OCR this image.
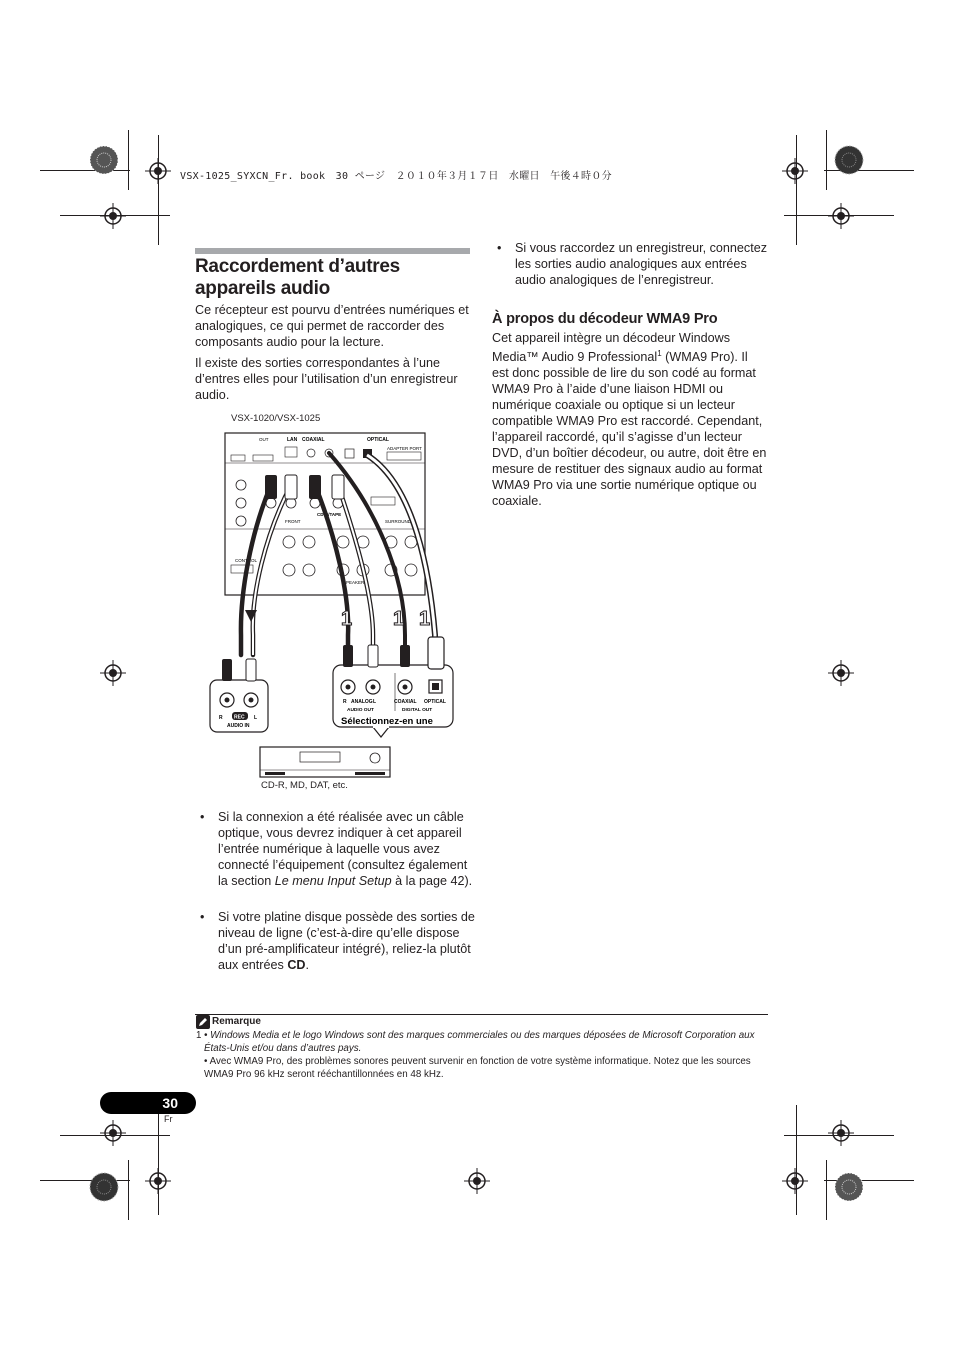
VSX-1025_SYXCN_Fr. book　30 ページ　２０１０年３月１７日　水曜日　午後４時０分
Raccordement d’autres
appareils audio

Ce récepteur est pourvu d’entrées numériques et analogiques, ce qui permet de raccorder des composants audio pour la lecture.

Il existe des sorties correspondantes à l’une d’entres elles pour l’utilisation d’un enregistreur audio.

VSX-1020/VSX-1025
OUT	LAN COAXIAL	OPTICAL
ADAPTER PORT
CD-R/TAPE
CONTROL
FRONT	SURROUND
SPEAKERS
1 1 1
R REC L
AUDIO IN
R ANALOG L
AUDIO OUT
COAXIAL OPTICAL
DIGITAL OUT
Sélectionnez-en une
CD-R, MD, DAT, etc.
• Si la connexion a été réalisée avec un câble optique, vous devrez indiquer à cet appareil l’entrée numérique à laquelle vous avez connecté l’équipement (consultez également la section Le menu Input Setup à la page 42).
• Si votre platine disque possède des sorties de niveau de ligne (c’est-à-dire qu’elle dispose d’un pré-amplificateur intégré), reliez-la plutôt aux entrées CD.
• Si vous raccordez un enregistreur, connectez les sorties audio analogiques aux entrées audio analogiques de l’enregistreur.
À propos du décodeur WMA9 Pro

Cet appareil intègre un décodeur Windows Media™ Audio 9 Professional$^1$ (WMA9 Pro). Il est donc possible de lire du son codé au format WMA9 Pro à l’aide d’une liaison HDMI ou numérique coaxiale ou optique si un lecteur compatible WMA9 Pro est raccordé. Cependant, l’appareil raccordé, qu’il s’agisse d’un lecteur DVD, d’un boîtier décodeur, ou autre, doit être en mesure de restituer des signaux audio au format WMA9 Pro via une sortie numérique optique ou coaxiale.

Remarque
1 • Windows Media et le logo Windows sont des marques commerciales ou des marques déposées de Microsoft Corporation aux États-Unis et/ou dans d’autres pays.
• Avec WMA9 Pro, des problèmes sonores peuvent survenir en fonction de votre système informatique. Notez que les sources WMA9 Pro 96 kHz seront rééchantillonnées en 48 kHz.
30
Fr
